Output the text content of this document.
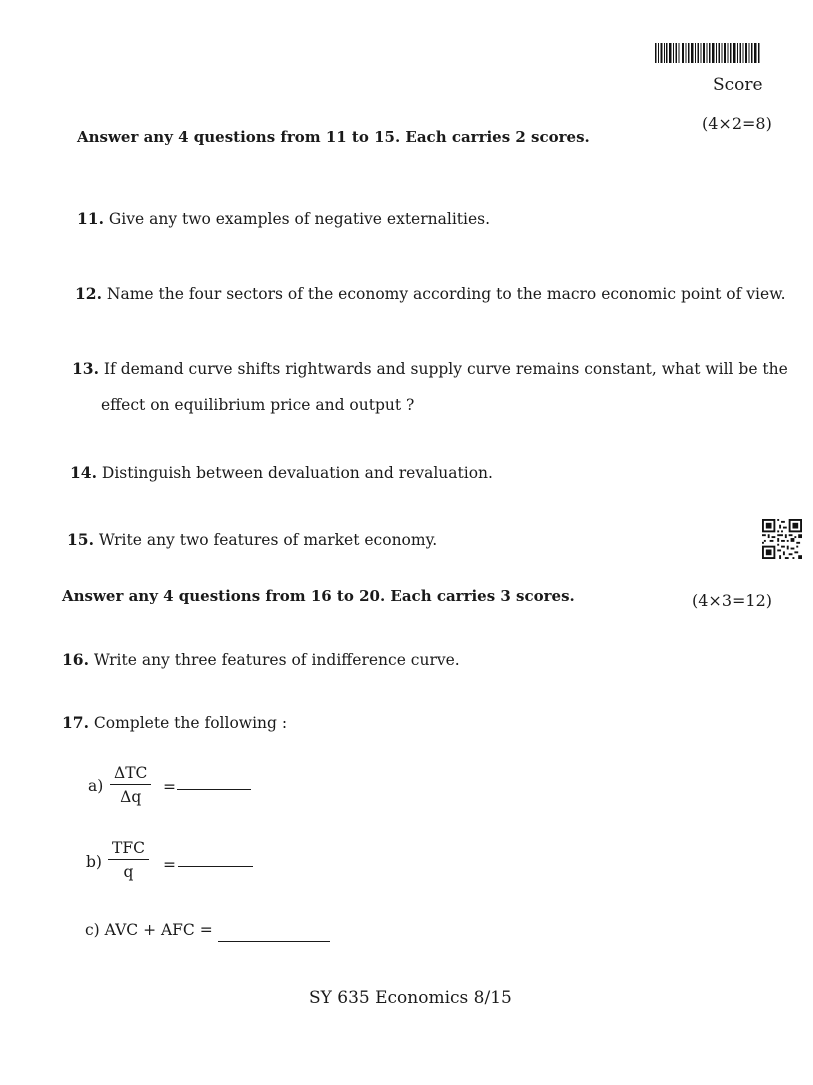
Score
(4×2=8)
Answer any 4 questions from 11 to 15. Each carries 2 scores.
11. Give any two examples of negative externalities.
12. Name the four sectors of the economy according to the macro economic point of view.
13. If demand curve shifts rightwards and supply curve remains constant, what will be the
effect on equilibrium price and output ?
14. Distinguish between devaluation and revaluation.
15. Write any two features of market economy.
Answer any 4 questions from 16 to 20. Each carries 3 scores.	(4×3=12)
16. Write any three features of indifference curve.
17. Complete the following :
a)
ΔTC
Δq
=
b)
TFC
q =
c) AVC + AFC =
SY 635 Economics 8/15
